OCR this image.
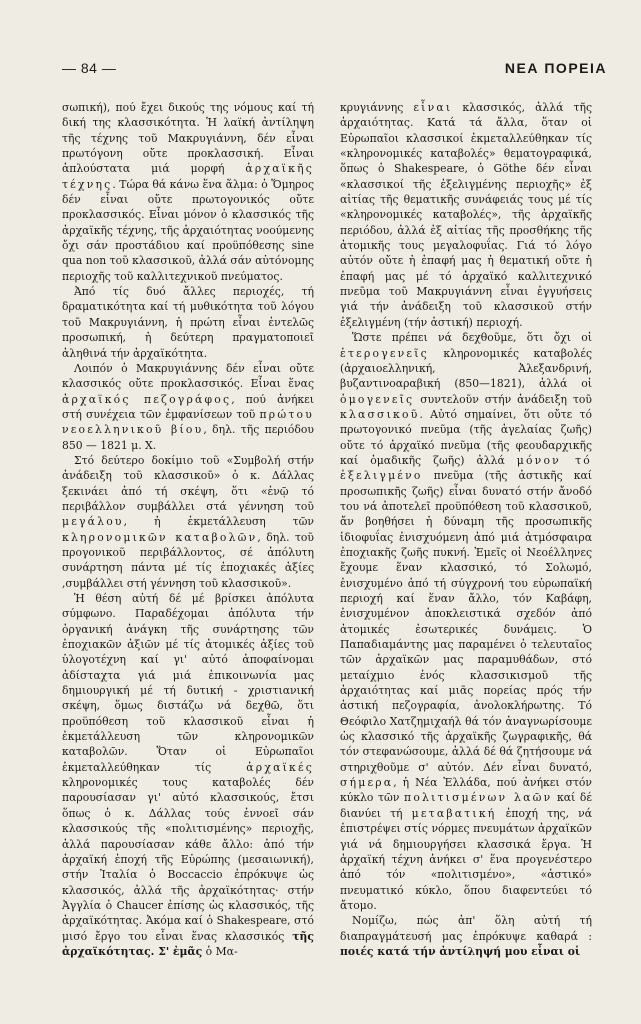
— 84 —	ΝΕΑ ΠΟΡΕΙΑ

σωπική), πού ἔχει δικούς της νόμους καί τή δική της κλασσικότητα. Ἡ λαϊκή ἀντίληψη τῆς τέχνης τοῦ Μακρυγιάννη, δέν εἶναι πρωτόγονη οὔτε προκλασσική. Εἶναι ἁπλούστατα μιά μορφή ἀρχαϊκῆς τέχνης. Τώρα θά κάνω ἕνα ἅλμα: ὁ Ὅμηρος δέν εἶναι οὔτε πρωτογονικός οὔτε προκλασσικός. Εἶναι μόνον ὁ κλασσικός τῆς ἀρχαϊκῆς τέχνης, τῆς ἀρχαιότητας νοούμενης ὄχι σάν προστάδιου καί προϋπόθεσης sine qua non τοῦ κλασσικοῦ, ἀλλά σάν αὐτόνομης περιοχῆς τοῦ καλλιτεχνικοῦ πνεύματος.

Ἀπό τίς δυό ἄλλες περιοχές, τή δραματικότητα καί τή μυθικότητα τοῦ λόγου τοῦ Μακρυγιάννη, ἡ πρώτη εἶναι ἐντελῶς προσωπική, ἡ δεύτερη πραγματοποιεῖ ἀληθινά τήν ἀρχαϊκότητα.

Λοιπόν ὁ Μακρυγιάννης δέν εἶναι οὔτε κλασσικός οὔτε προκλασσικός. Εἶναι ἕνας ἀρχαϊκός πεζογράφος, πού ἀνήκει στή συνέχεια τῶν ἐμφανίσεων τοῦ πρώτου νεοελληνικοῦ βίου, δηλ. τῆς περιόδου 850 — 1821 μ. Χ.

Στό δεύτερο δοκίμιο τοῦ «Συμβολή στήν ἀνάδειξη τοῦ κλασσικοῦ» ὁ κ. Δάλλας ξεκινάει ἀπό τή σκέψη, ὅτι «ἐνῷ τό περιβάλλον συμβάλλει στά γέννηση τοῦ μεγάλου, ἡ ἐκμετάλλευση τῶν κληρονομικῶν καταβολῶν, δηλ. τοῦ προγονικοῦ περιβάλλοντος, σέ ἀπόλυτη συνάρτηση πάντα μέ τίς ἐποχιακές ἀξίες ,συμβάλλει στή γέννηση τοῦ κλασσικοῦ».

Ἡ θέση αὐτή δέ μέ βρίσκει ἀπόλυτα σύμφωνο. Παραδέχομαι ἀπόλυτα τήν ὀργανική ἀνάγκη τῆς συνάρτησης τῶν ἐποχιακῶν ἀξιῶν μέ τίς ἀτομικές ἀξίες τοῦ ὑλογοτέχνη καί γι' αὐτό ἀποφαίνομαι ἀδίσταχτα γιά μιά ἐπικοινωνία μας δημιουργική μέ τή δυτική - χριστιανική σκέψη, ὅμως διστάζω νά δεχθῶ, ὅτι προϋπόθεση τοῦ κλασσικοῦ εἶναι ἡ ἐκμετάλλευση τῶν κληρονομικῶν καταβολῶν. Ὅταν οἱ Εὐρωπαῖοι ἐκμεταλλεύθηκαν τίς ἀρχαϊκές κληρονομικές τους καταβολές δέν παρουσίασαν γι' αὐτό κλασσικούς, ἔτσι ὅπως ὁ κ. Δάλλας τούς ἐννοεῖ σάν κλασσικούς τῆς «πολιτισμένης» περιοχῆς, ἀλλά παρουσίασαν κάθε ἄλλο: ἀπό τήν ἀρχαϊκή ἐποχή τῆς Εὐρώπης (μεσαιωνική), στήν Ἰταλία ὁ Boccaccio ἐπρόκυψε ὡς κλασσικός, ἀλλά τῆς ἀρχαϊκότητας· στήν Ἀγγλία ὁ Chaucer ἐπίσης ὡς κλασσικός, τῆς ἀρχαϊκότητας. Ἀκόμα καί ὁ Shakespeare, στό μισό ἔργο του εἶναι ἕνας κλασσικός τῆς ἀρχαϊκότητας. Σ' ἐμᾶς ὁ Μα-

κρυγιάννης εἶναι κλασσικός, ἀλλά τῆς ἀρχαιότητας. Κατά τά ἄλλα, ὅταν οἱ Εὐρωπαῖοι κλασσικοί ἐκμεταλλεύθηκαν τίς «κληρονομικές καταβολές» θεματογραφικά, ὅπως ὁ Shakespeare, ὁ Göthe δέν εἶναι «κλασσικοί τῆς ἐξελιγμένης περιοχῆς» ἐξ αἰτίας τῆς θεματικῆς συνάφειάς τους μέ τίς «κληρονομικές καταβολές», τῆς ἀρχαϊκῆς περιόδου, ἀλλά ἐξ αἰτίας τῆς προσθήκης τῆς ἀτομικῆς τους μεγαλοφυΐας. Γιά τό λόγο αὐτόν οὔτε ἡ ἐπαφή μας ἡ θεματική οὔτε ἡ ἐπαφή μας μέ τό ἀρχαϊκό καλλιτεχνικό πνεῦμα τοῦ Μακρυγιάννη εἶναι ἐγγυήσεις γιά τήν ἀνάδειξη τοῦ κλασσικοῦ στήν ἐξελιγμένη (τήν ἀστική) περιοχή.

Ὥστε πρέπει νά δεχθοῦμε, ὅτι ὄχι οἱ ἑτερογενεῖς κληρονομικές καταβολές (ἀρχαιοελληνική, Ἀλεξανδρινή, βυζαντινοαραβική (850—1821), ἀλλά οἱ ὁμογενεῖς συντελοῦν στήν ἀνάδειξη τοῦ κλασσικοῦ. Αὐτό σημαίνει, ὅτι οὔτε τό πρωτογονικό πνεῦμα (τῆς ἀγελαίας ζωῆς) οὔτε τό ἀρχαϊκό πνεῦμα (τῆς φεουδαρχικῆς καί ὁμαδικῆς ζωῆς) ἀλλά μόνον τό ἐξελιγμένο πνεῦμα (τῆς ἀστικῆς καί προσωπικῆς ζωῆς) εἶναι δυνατό στήν ἄνοδό του νά ἀποτελεῖ προϋπόθεση τοῦ κλασσικοῦ, ἄν βοηθήσει ἡ δύναμη τῆς προσωπικῆς ἰδιοφυΐας ἐνισχυόμενη ἀπό μιά ἀτμόσφαιρα ἐποχιακῆς ζωῆς πυκνή. Ἐμεῖς οἱ Νεοέλληνες ἔχουμε ἕναν κλασσικό, τό Σολωμό, ἐνισχυμένο ἀπό τή σύγχρονή του εὐρωπαϊκή περιοχή καί ἕναν ἄλλο, τόν Καβάφη, ἐνισχυμένον ἀποκλειστικά σχεδόν ἀπό ἀτομικές ἐσωτερικές δυνάμεις. Ὁ Παπαδιαμάντης μας παραμένει ὁ τελευταῖος τῶν ἀρχαϊκῶν μας παραμυθάδων, στό μεταίχμιο ἑνός κλασσικισμοῦ τῆς ἀρχαιότητας καί μιᾶς πορείας πρός τήν ἀστική πεζογραφία, ἀνολοκλήρωτης. Τό Θεόφιλο Χατζημιχαήλ θά τόν ἀναγνωρίσουμε ὡς κλασσικό τῆς ἀρχαϊκῆς ζωγραφικῆς, θά τόν στεφανώσουμε, ἀλλά δέ θά ζητήσουμε νά στηριχθοῦμε σ' αὐτόν. Δέν εἶναι δυνατό, σήμερα, ἡ Νέα Ἑλλάδα, πού ἀνήκει στόν κύκλο τῶν πολιτισμένων λαῶν καί δέ διανύει τή μεταβατική ἐποχή της, νά ἐπιστρέψει στίς νόρμες πνευμάτων ἀρχαϊκῶν γιά νά δημιουργήσει κλασσικά ἔργα. Ἡ ἀρχαϊκή τέχνη ἀνήκει σ' ἕνα προγενέστερο ἀπό τόν «πολιτισμένο», «ἀστικό» πνευματικό κύκλο, ὅπου διαφεντεύει τό ἄτομο.

Νομίζω, πώς ἀπ' ὅλη αὐτή τή διαπραγμάτευσή μας ἐπρόκυψε καθαρά : ποιές κατά τήν ἀντίληψή μου εἶναι οἱ
